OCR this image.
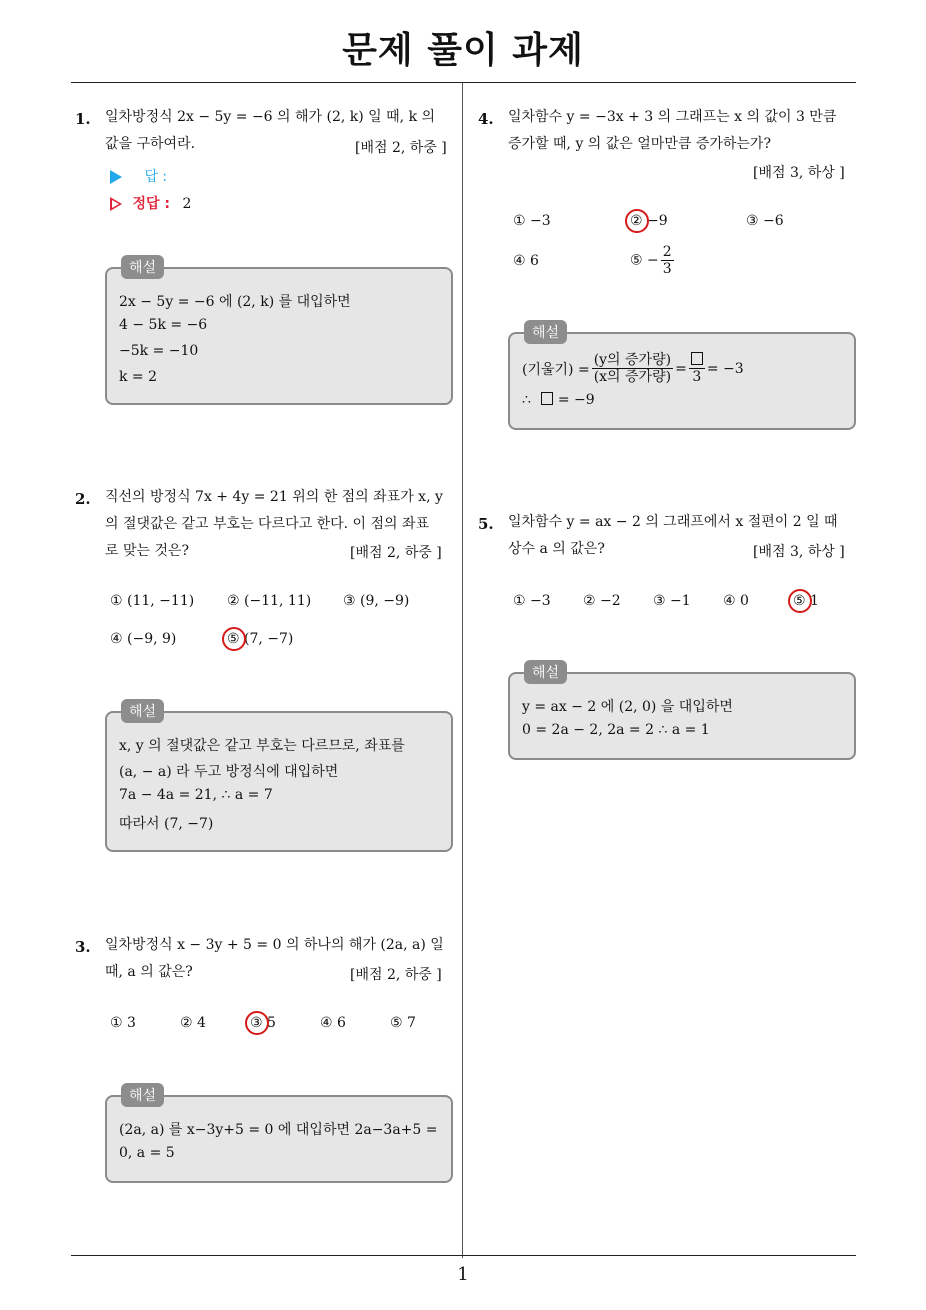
문제 풀이 과제
1. 일차방정식 2x − 5y = −6 의 해가 (2, k) 일 때, k 의
값을 구하여라.	[배점 2, 하중 ]
답 :
정답 : 2
해설
2x − 5y = −6 에 (2, k) 를 대입하면
4 − 5k = −6
−5k = −10
k = 2
2. 직선의 방정식 7x + 4y = 21 위의 한 점의 좌표가 x, y
의 절댓값은 같고 부호는 다르다고 한다. 이 점의 좌표
로 맞는 것은?	[배점 2, 하중 ]
① (11, −11) ② (−11, 11) ③ (9, −9)
④ (−9, 9)	⑤ (7, −7)
해설
x, y 의 절댓값은 같고 부호는 다르므로, 좌표를
(a, − a) 라 두고 방정식에 대입하면
7a − 4a = 21, ∴ a = 7
따라서 (7, −7)
3. 일차방정식 x − 3y + 5 = 0 의 하나의 해가 (2a, a) 일
때, a 의 값은?	[배점 2, 하중 ]
① 3	② 4	③ 5	④ 6	⑤ 7
해설
(2a, a) 를 x−3y+5 = 0 에 대입하면 2a−3a+5 =
0, a = 5
4. 일차함수 y = −3x + 3 의 그래프는 x 의 값이 3 만큼
증가할 때, y 의 값은 얼마만큼 증가하는가?
[배점 3, 하상 ]
① −3	② −9	③ −6
④ 6	⑤ − $\frac{2}{3}$
해설
(기울기) = $\frac{\text{(y의 증가량)}}{\text{(x의 증가량)}}$ =
3
= −3
∴ = −9
5. 일차함수 y = ax − 2 의 그래프에서 x 절편이 2 일 때
상수 a 의 값은?	[배점 3, 하상 ]
① −3 ② −2 ③ −1 ④ 0	⑤ 1
해설
y = ax − 2 에 (2, 0) 을 대입하면
0 = 2a − 2, 2a = 2 ∴ a = 1
1
